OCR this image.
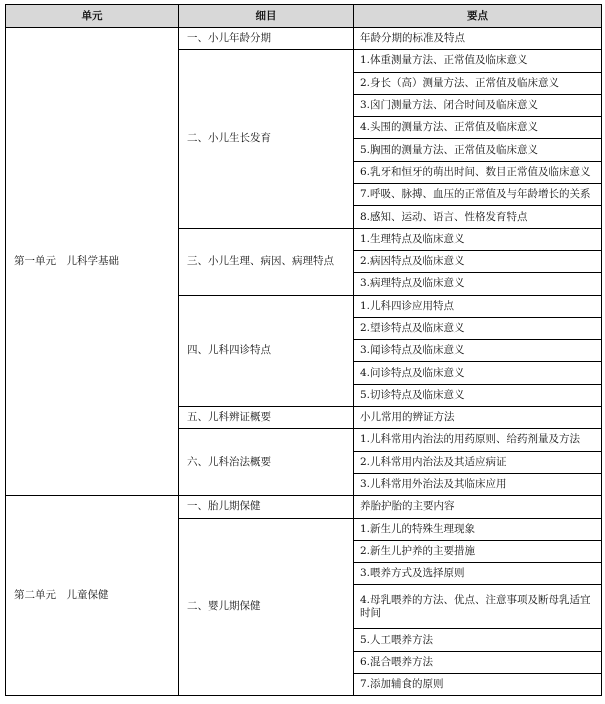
单元	细目	要点
第一单元　儿科学基础	一、小儿年龄分期	年龄分期的标准及特点
	二、小儿生长发育	1.体重测量方法、正常值及临床意义
		2.身长（高）测量方法、正常值及临床意义
		3.囟门测量方法、闭合时间及临床意义
		4.头围的测量方法、正常值及临床意义
		5.胸围的测量方法、正常值及临床意义
		6.乳牙和恒牙的萌出时间、数目正常值及临床意义
		7.呼吸、脉搏、血压的正常值及与年龄增长的关系
		8.感知、运动、语言、性格发育特点
	三、小儿生理、病因、病理特点	1.生理特点及临床意义
		2.病因特点及临床意义
		3.病理特点及临床意义
	四、儿科四诊特点	1.儿科四诊应用特点
		2.望诊特点及临床意义
		3.闻诊特点及临床意义
		4.问诊特点及临床意义
		5.切诊特点及临床意义
	五、儿科辨证概要	小儿常用的辨证方法
	六、儿科治法概要	1.儿科常用内治法的用药原则、给药剂量及方法
		2.儿科常用内治法及其适应病证
		3.儿科常用外治法及其临床应用
第二单元　儿童保健	一、胎儿期保健	养胎护胎的主要内容
	二、婴儿期保健	1.新生儿的特殊生理现象
		2.新生儿护养的主要措施
		3.喂养方式及选择原则
		4.母乳喂养的方法、优点、注意事项及断母乳适宜时间
		5.人工喂养方法
		6.混合喂养方法
		7.添加辅食的原则
